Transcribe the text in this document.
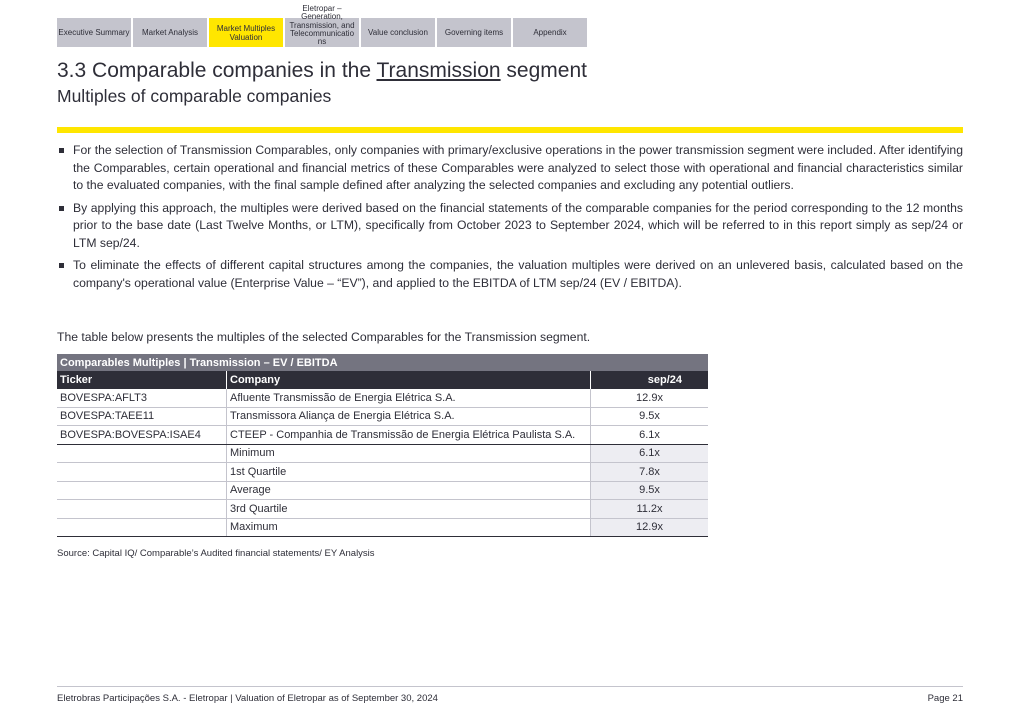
Executive Summary Market Analysis	Market Multiples Valuation
Eletropar – Generation, Transmission, and Telecommunicatio ns
Value conclusion Governing items	Appendix
3.3 Comparable companies in the Transmission segment
Multiples of comparable companies
For the selection of Transmission Comparables, only companies with primary/exclusive operations in the power transmission segment were included. After identifying the Comparables, certain operational and financial metrics of these Comparables were analyzed to select those with operational and financial characteristics similar to the evaluated companies, with the final sample defined after analyzing the selected companies and excluding any potential outliers.
By applying this approach, the multiples were derived based on the financial statements of the comparable companies for the period corresponding to the 12 months prior to the base date (Last Twelve Months, or LTM), specifically from October 2023 to September 2024, which will be referred to in this report simply as sep/24 or LTM sep/24.
To eliminate the effects of different capital structures among the companies, the valuation multiples were derived on an unlevered basis, calculated based on the company's operational value (Enterprise Value – “EV”), and applied to the EBITDA of LTM sep/24 (EV / EBITDA).
The table below presents the multiples of the selected Comparables for the Transmission segment.
Comparables Multiples | Transmission – EV / EBITDA		
Ticker	Company	sep/24
BOVESPA:AFLT3	Afluente Transmissão de Energia Elétrica S.A.	12.9x
BOVESPA:TAEE11	Transmissora Aliança de Energia Elétrica S.A.	9.5x
BOVESPA:BOVESPA:ISAE4	CTEEP - Companhia de Transmissão de Energia Elétrica Paulista S.A.	6.1x
	Minimum	6.1x
	1st Quartile	7.8x
	Average	9.5x
	3rd Quartile	11.2x
	Maximum	12.9x
Source: Capital IQ/ Comparable’s Audited financial statements/ EY Analysis
Eletrobras Participações S.A. - Eletropar | Valuation of Eletropar as of September 30, 2024	Page 21
